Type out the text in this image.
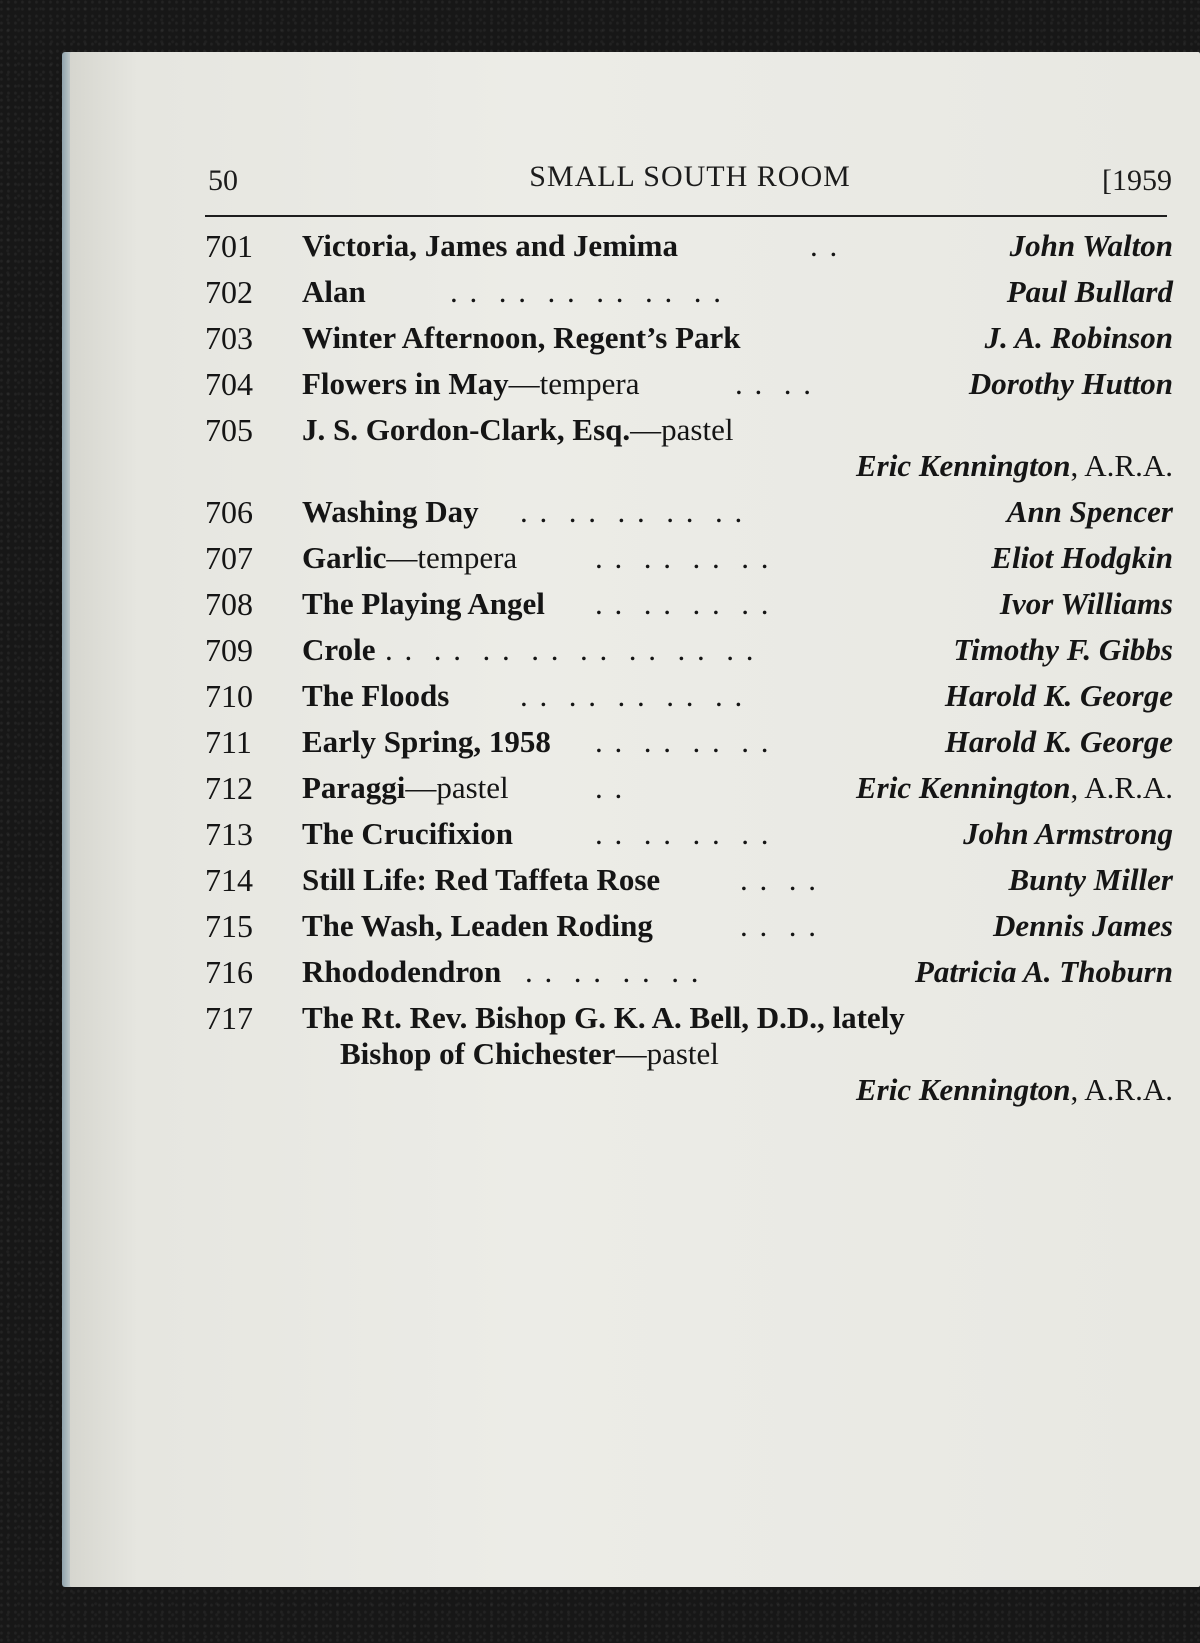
50	SMALL SOUTH ROOM	[1959
701 Victoria, James and Jemima	. .	John Walton
702 Alan	. .  . .  . .  . .  . .  . .	Paul Bullard
703 Winter Afternoon, Regent’s Park	J. A. Robinson
704 Flowers in May—tempera	. .  . .	Dorothy Hutton
705 J. S. Gordon-Clark, Esq.—pastel
Eric Kennington, A.R.A.
706 Washing Day . .  . .  . .  . .  . .	Ann Spencer
707 Garlic—tempera	. .  . .  . .  . .	Eliot Hodgkin
708 The Playing Angel . .  . .  . .  . .	Ivor Williams
709 Crole . .  . .  . .  . .  . .  . .  . .  . .	Timothy F. Gibbs
710 The Floods . .  . .  . .  . .  . .	Harold K. George
711 Early Spring, 1958 . .  . .  . .  . .	Harold K. George
712 Paraggi—pastel	. .	Eric Kennington, A.R.A.
713 The Crucifixion	. .  . .  . .  . .	John Armstrong
714 Still Life: Red Taffeta Rose	. .  . .	Bunty Miller
715 The Wash, Leaden Roding	. .  . .	Dennis James
716 Rhododendron . .  . .  . .  . .	Patricia A. Thoburn
717 The Rt. Rev. Bishop G. K. A. Bell, D.D., lately
Bishop of Chichester—pastel
Eric Kennington, A.R.A.
